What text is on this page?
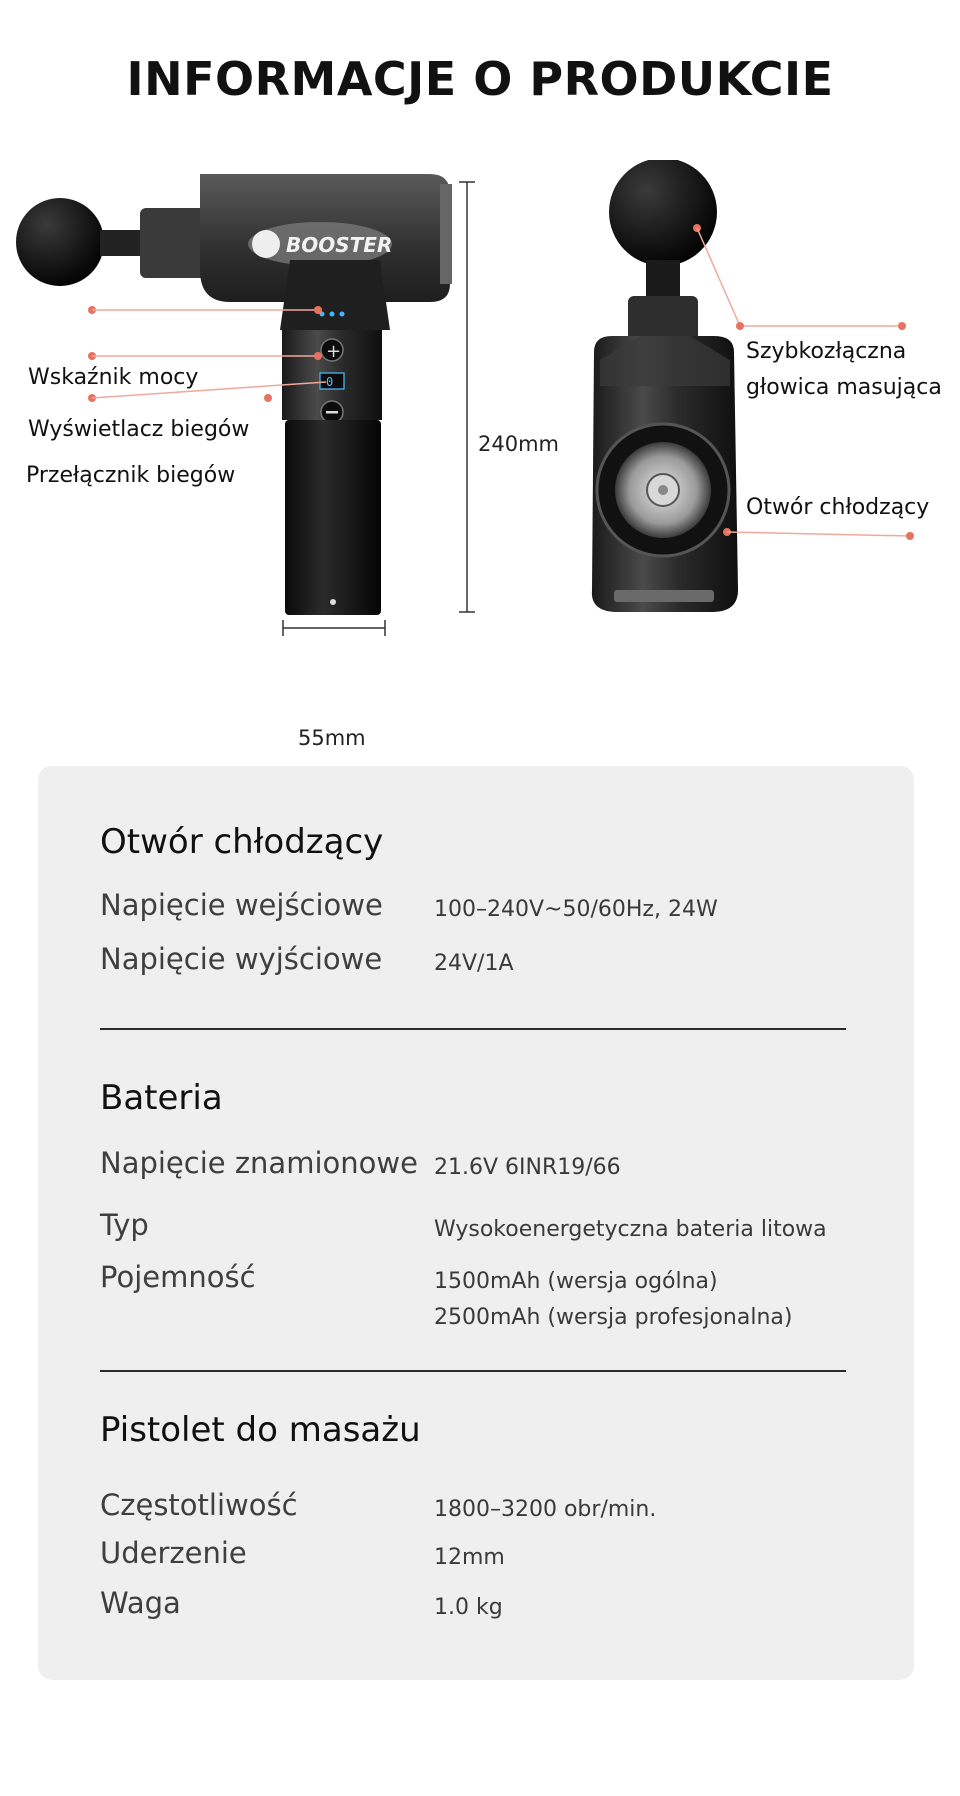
INFORMACJE O PRODUKCIE
BOOSTER
+
0
Wskaźnik mocy
Wyświetlacz biegów
Przełącznik biegów
Szybkozłączna
głowica masująca
Otwór chłodzący
240mm
55mm
Otwór chłodzący
Napięcie wejściowe 100–240V~50/60Hz, 24W
Napięcie wyjściowe 24V/1A
Bateria
Napięcie znamionowe 21.6V 6INR19/66
Typ	Wysokoenergetyczna bateria litowa
Pojemność	1500mAh (wersja ogólna)
2500mAh (wersja profesjonalna)
Pistolet do masażu
Częstotliwość	1800–3200 obr/min.
Uderzenie	12mm
Waga	1.0 kg
